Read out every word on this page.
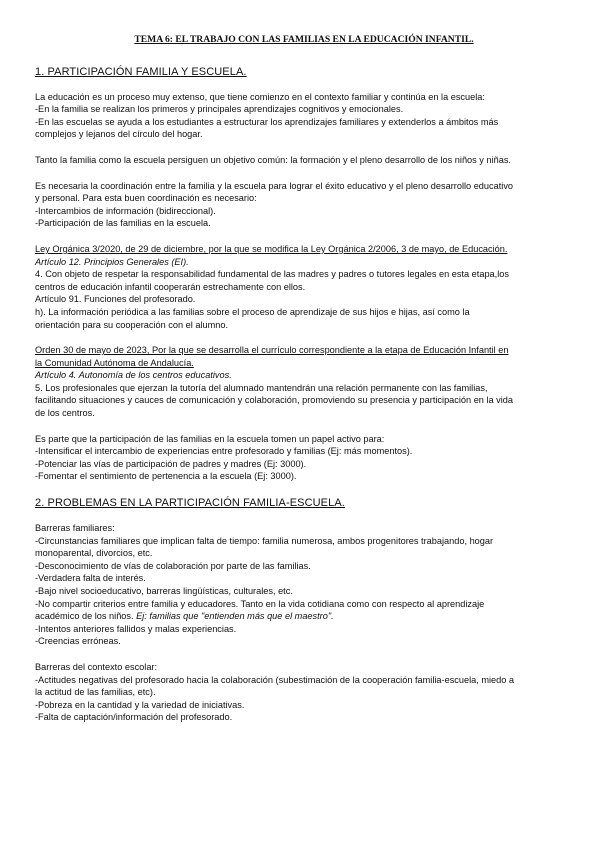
TEMA 6: EL TRABAJO CON LAS FAMILIAS EN LA EDUCACIÓN INFANTIL.
1. PARTICIPACIÓN FAMILIA Y ESCUELA.

La educación es un proceso muy extenso, que tiene comienzo en el contexto familiar y continúa en la escuela:

-En la familia se realizan los primeros y principales aprendizajes cognitivos y emocionales.

-En las escuelas se ayuda a los estudiantes a estructurar los aprendizajes familiares y extenderlos a ámbitos más

complejos y lejanos del círculo del hogar.

Tanto la familia como la escuela persiguen un objetivo común: la formación y el pleno desarrollo de los niños y niñas.

Es necesaria la coordinación entre la familia y la escuela para lograr el éxito educativo y el pleno desarrollo educativo

y personal. Para esta buen coordinación es necesario:

-Intercambios de información (bidireccional).

-Participación de las familias en la escuela.

Ley Orgánica 3/2020, de 29 de diciembre, por la que se modifica la Ley Orgánica 2/2006, 3 de mayo, de Educación.

Artículo 12. Principios Generales (EI).

4. Con objeto de respetar la responsabilidad fundamental de las madres y padres o tutores legales en esta etapa,los

centros de educación infantil cooperarán estrechamente con ellos.

Artículo 91. Funciones del profesorado.

h). La información periódica a las familias sobre el proceso de aprendizaje de sus hijos e hijas, así como la

orientación para su cooperación con el alumno.

Orden 30 de mayo de 2023, Por la que se desarrolla el currículo correspondiente a la etapa de Educación Infantil en

la Comunidad Autónoma de Andalucía.

Artículo 4. Autonomía de los centros educativos.

5. Los profesionales que ejerzan la tutoría del alumnado mantendrán una relación permanente con las familias,

facilitando situaciones y cauces de comunicación y colaboración, promoviendo su presencia y participación en la vida

de los centros.

Es parte que la participación de las familias en la escuela tomen un papel activo para:

-Intensificar el intercambio de experiencias entre profesorado y familias (Ej: más momentos).

-Potenciar las vías de participación de padres y madres (Ej: 3000).

-Fomentar el sentimiento de pertenencia a la escuela (Ej: 3000).

2. PROBLEMAS EN LA PARTICIPACIÓN FAMILIA-ESCUELA.

Barreras familiares:

-Circunstancias familiares que implican falta de tiempo: familia numerosa, ambos progenitores trabajando, hogar

monoparental, divorcios, etc.

-Desconocimiento de vías de colaboración por parte de las familias.

-Verdadera falta de interés.

-Bajo nivel socioeducativo, barreras lingüísticas, culturales, etc.

-No compartir criterios entre familia y educadores. Tanto en la vida cotidiana como con respecto al aprendizaje

académico de los niños. Ej: familias que "entienden más que el maestro".

-Intentos anteriores fallidos y malas experiencias.

-Creencias erróneas.

Barreras del contexto escolar:

-Actitudes negativas del profesorado hacia la colaboración (subestimación de la cooperación familia-escuela, miedo a

la actitud de las familias, etc).

-Pobreza en la cantidad y la variedad de iniciativas.

-Falta de captación/información del profesorado.
